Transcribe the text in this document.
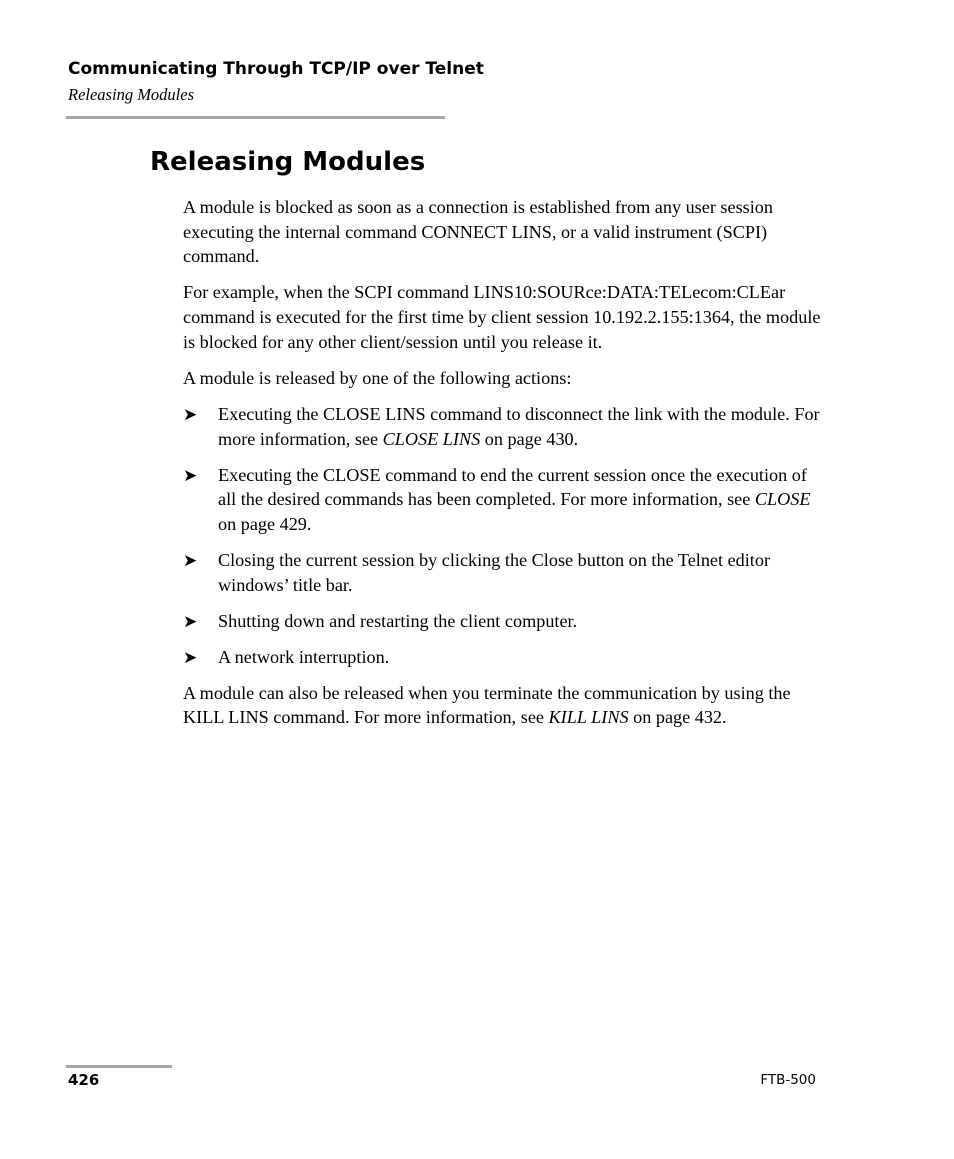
Communicating Through TCP/IP over Telnet
Releasing Modules
Releasing Modules

A module is blocked as soon as a connection is established from any user session executing the internal command CONNECT LINS, or a valid instrument (SCPI) command.

For example, when the SCPI command LINS10:SOURce:DATA:TELecom:CLEar command is executed for the first time by client session 10.192.2.155:1364, the module is blocked for any other client/session until you release it.

A module is released by one of the following actions:

➤ Executing the CLOSE LINS command to disconnect the link with the module. For more information, see CLOSE LINS on page 430.
➤ Executing the CLOSE command to end the current session once the execution of all the desired commands has been completed. For more information, see CLOSE on page 429.
➤ Closing the current session by clicking the Close button on the Telnet editor windows’ title bar.
➤ Shutting down and restarting the client computer.
➤ A network interruption.

A module can also be released when you terminate the communication by using the KILL LINS command. For more information, see KILL LINS on page 432.

426	FTB-500
